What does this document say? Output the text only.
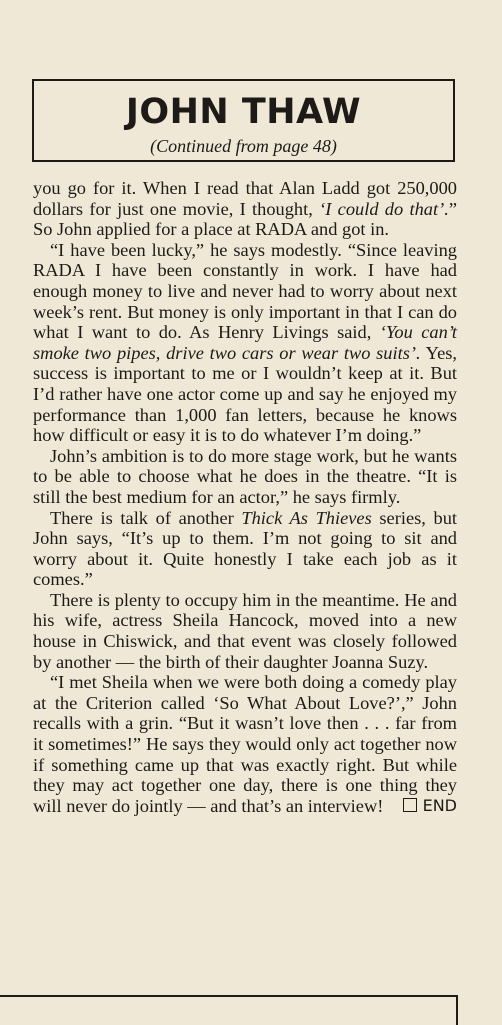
JOHN THAW
(Continued from page 48)

you go for it. When I read that Alan Ladd got 250,000 dollars for just one movie, I thought, ‘I could do that’.” So John applied for a place at RADA and got in.

“I have been lucky,” he says modestly. “Since leaving RADA I have been constantly in work. I have had enough money to live and never had to worry about next week’s rent. But money is only important in that I can do what I want to do. As Henry Livings said, ‘You can’t smoke two pipes, drive two cars or wear two suits’. Yes, success is important to me or I wouldn’t keep at it. But I’d rather have one actor come up and say he enjoyed my performance than 1,000 fan letters, because he knows how difficult or easy it is to do whatever I’m doing.”

John’s ambition is to do more stage work, but he wants to be able to choose what he does in the theatre. “It is still the best medium for an actor,” he says firmly.

There is talk of another Thick As Thieves series, but John says, “It’s up to them. I’m not going to sit and worry about it. Quite honestly I take each job as it comes.”

There is plenty to occupy him in the meantime. He and his wife, actress Sheila Hancock, moved into a new house in Chiswick, and that event was closely followed by another — the birth of their daughter Joanna Suzy.

“I met Sheila when we were both doing a comedy play at the Criterion called ‘So What About Love?’,” John recalls with a grin. “But it wasn’t love then . . . far from it sometimes!” He says they would only act together now if something came up that was exactly right. But while they may act together one day, there is one thing they will never do jointly — and that’s an interview!	END
